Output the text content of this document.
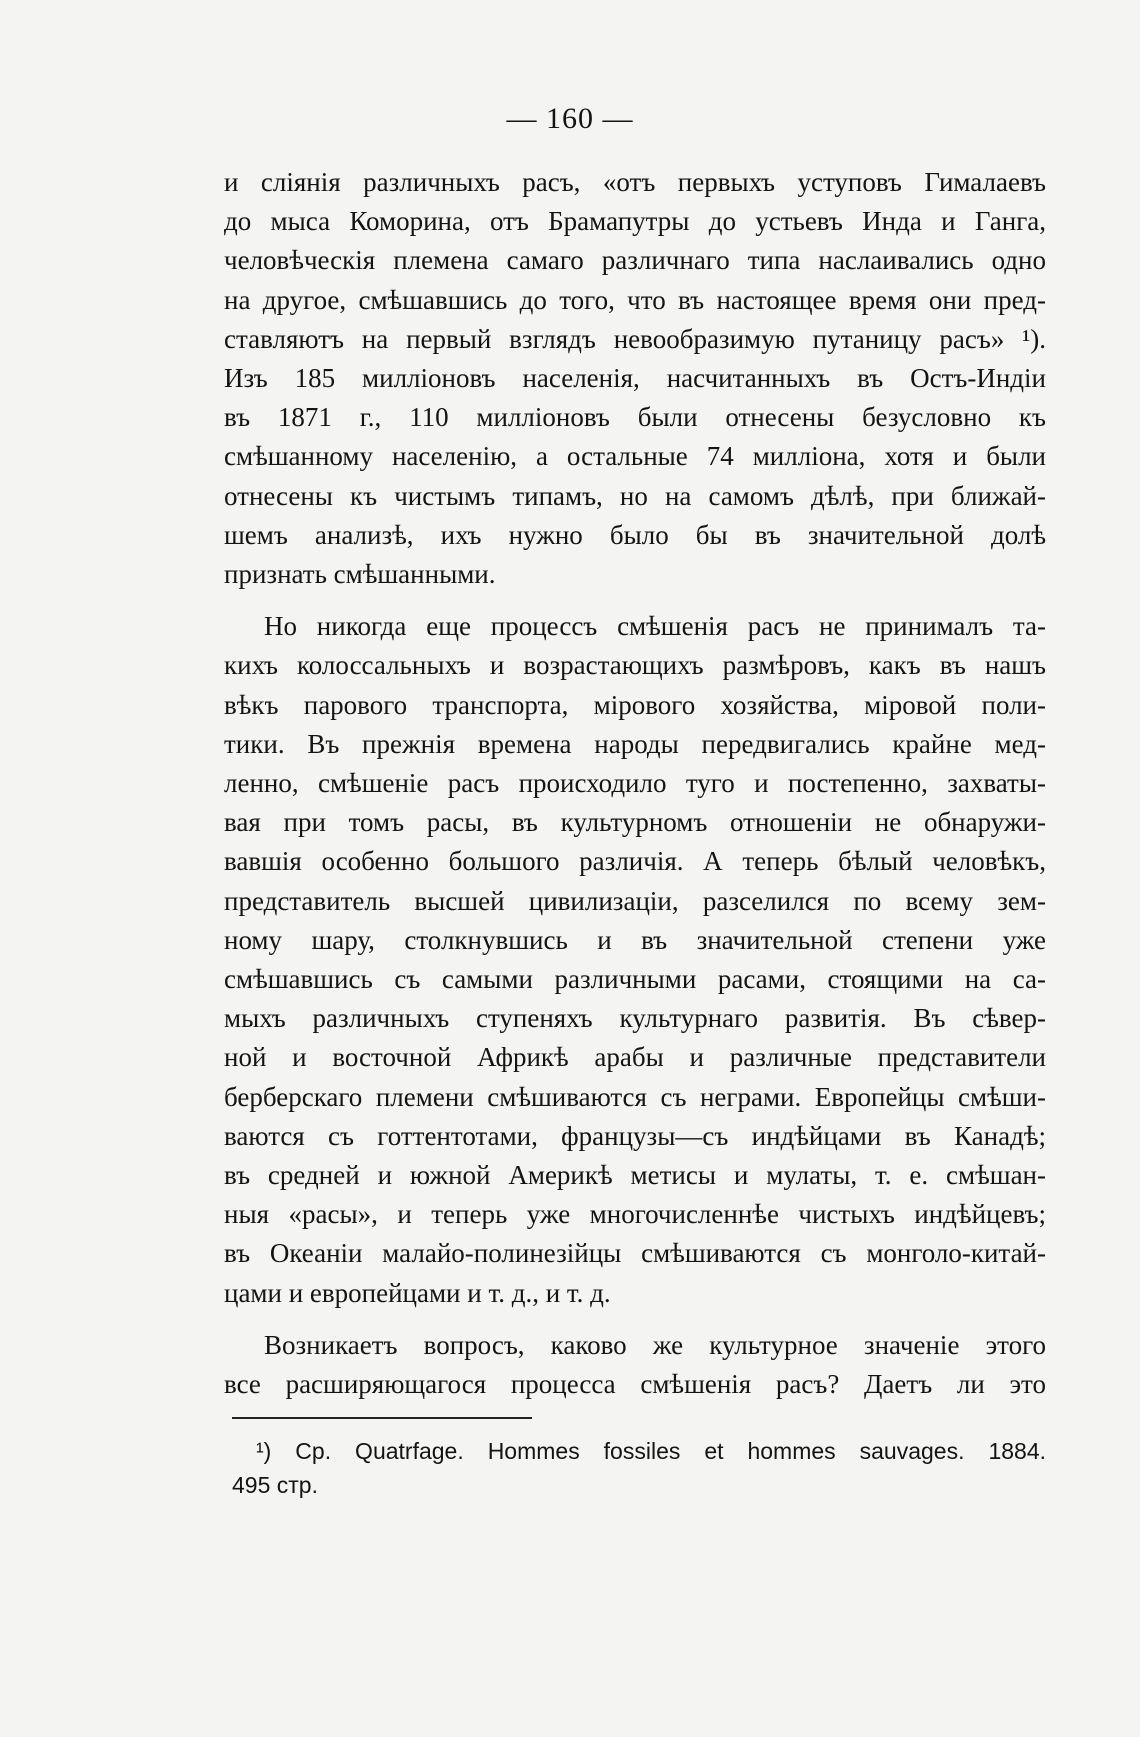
— 160 —
и сліянія различныхъ расъ, «отъ первыхъ уступовъ Гималаевъ
до мыса Коморина, отъ Брамапутры до устьевъ Инда и Ганга,
человѣческія племена самаго различнаго типа наслаивались одно
на другое, смѣшавшись до того, что въ настоящее время они пред-
ставляютъ на первый взглядъ невообразимую путаницу расъ» ¹).
Изъ 185 милліоновъ населенія, насчитанныхъ въ Остъ-Индіи
въ 1871 г., 110 милліоновъ были отнесены безусловно къ
смѣшанному населенію, а остальные 74 милліона, хотя и были
отнесены къ чистымъ типамъ, но на самомъ дѣлѣ, при ближай-
шемъ анализѣ, ихъ нужно было бы въ значительной долѣ
признать смѣшанными.
Но никогда еще процессъ смѣшенія расъ не принималъ та-
кихъ колоссальныхъ и возрастающихъ размѣровъ, какъ въ нашъ
вѣкъ парового транспорта, мірового хозяйства, міровой поли-
тики. Въ прежнія времена народы передвигались крайне мед-
ленно, смѣшеніе расъ происходило туго и постепенно, захваты-
вая при томъ расы, въ культурномъ отношеніи не обнаружи-
вавшія особенно большого различія. А теперь бѣлый человѣкъ,
представитель высшей цивилизаціи, разселился по всему зем-
ному шару, столкнувшись и въ значительной степени уже
смѣшавшись съ самыми различными расами, стоящими на са-
мыхъ различныхъ ступеняхъ культурнаго развитія. Въ сѣвер-
ной и восточной Африкѣ арабы и различные представители
берберскаго племени смѣшиваются съ неграми. Европейцы смѣши-
ваются съ готтентотами, французы—съ индѣйцами въ Канадѣ;
въ средней и южной Америкѣ метисы и мулаты, т. е. смѣшан-
ныя «расы», и теперь уже многочисленнѣе чистыхъ индѣйцевъ;
въ Океаніи малайо-полинезійцы смѣшиваются съ монголо-китай-
цами и европейцами и т. д., и т. д.
Возникаетъ вопросъ, каково же культурное значеніе этого
все расширяющагося процесса смѣшенія расъ? Даетъ ли это
¹) Ср. Quatrfage. Hommes fossiles et hommes sauvages. 1884.
495 стр.
